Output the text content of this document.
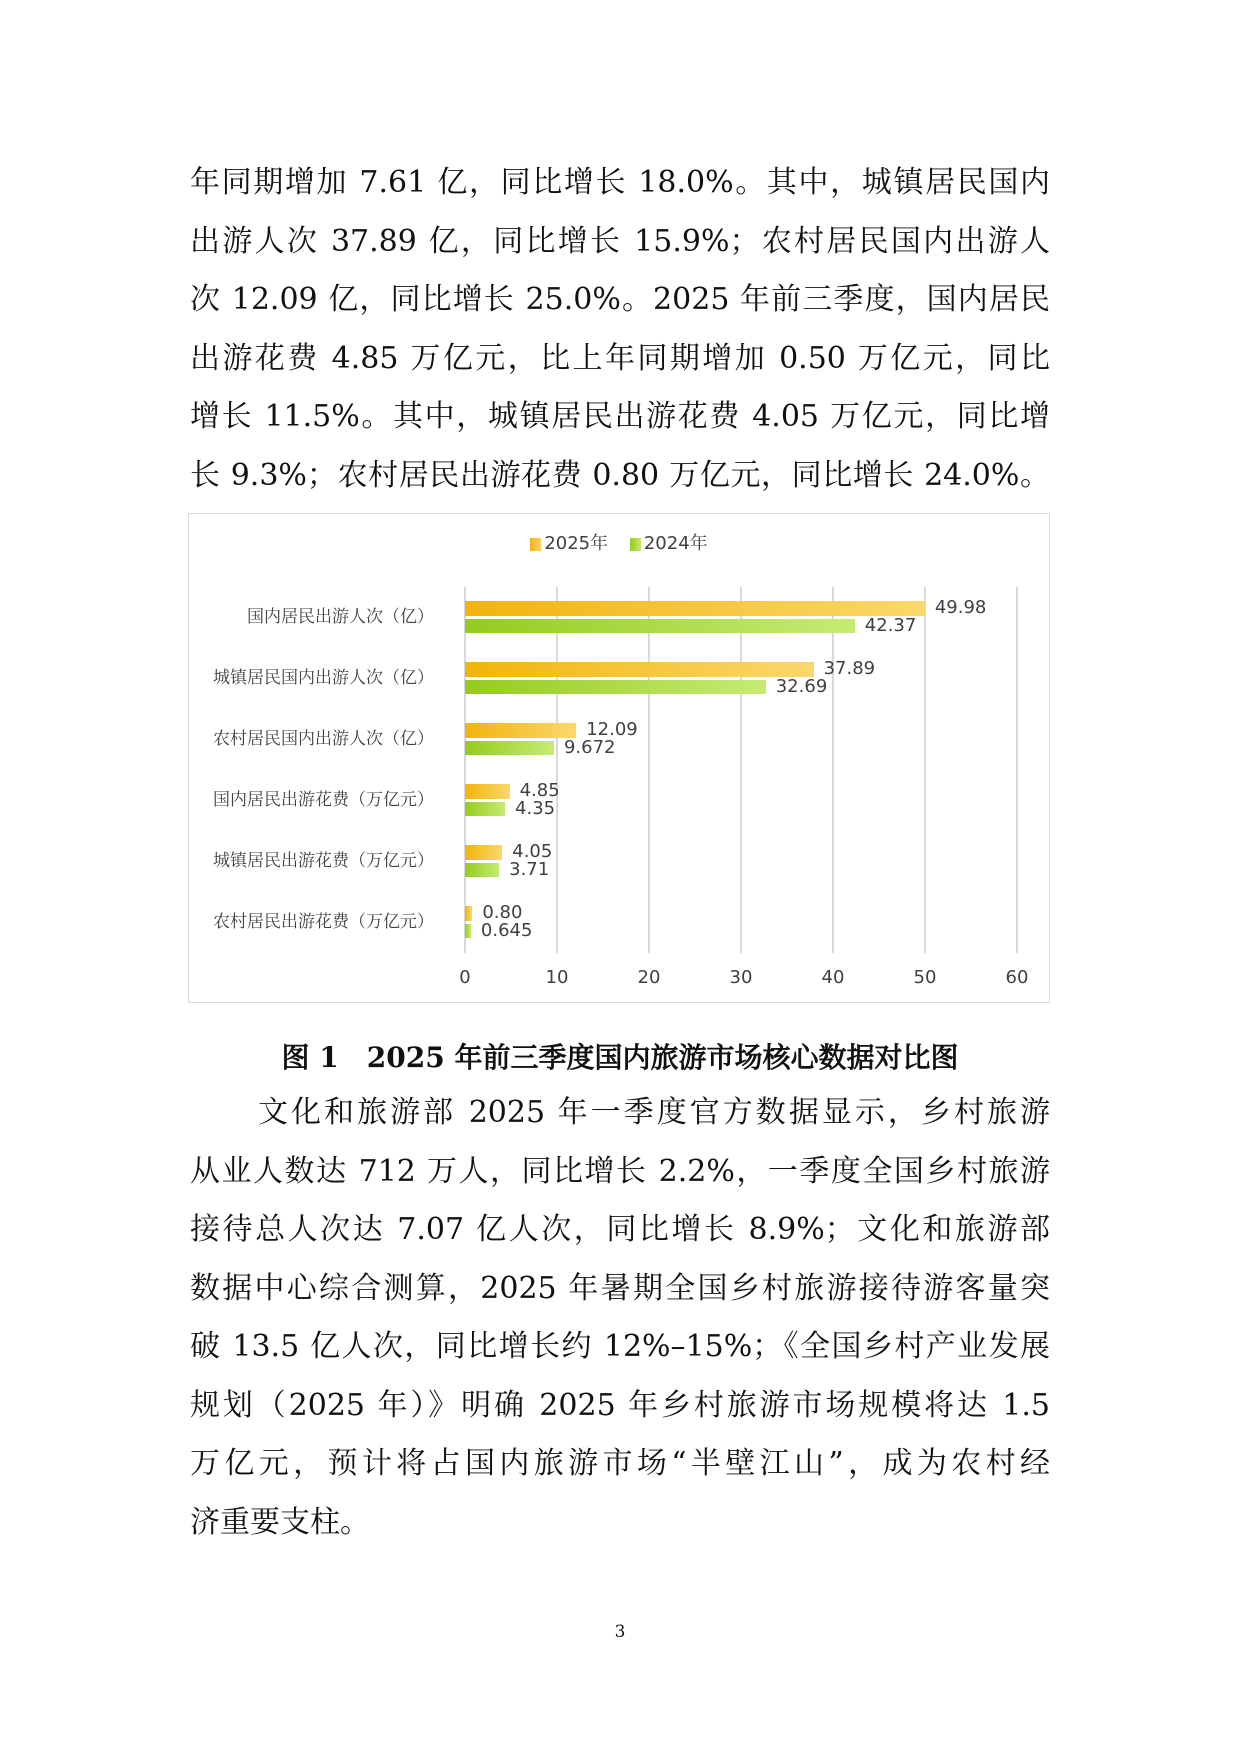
年同期增加 7.61 亿，同比增长 18.0%。其中，城镇居民国内
出游人次 37.89 亿，同比增长 15.9%；农村居民国内出游人
次 12.09 亿，同比增长 25.0%。2025 年前三季度，国内居民
出游花费 4.85 万亿元，比上年同期增加 0.50 万亿元，同比
增长 11.5%。其中，城镇居民出游花费 4.05 万亿元，同比增
长 9.3%；农村居民出游花费 0.80 万亿元，同比增长 24.0%。
2025年
2024年
0	10	20	30	40	50	60
国内居民出游人次（亿）	49.98
42.37
城镇居民国内出游人次（亿）	37.89
32.69
农村居民国内出游人次（亿）	12.09
9.672
国内居民出游花费（万亿元）	4.85
4.35
城镇居民出游花费（万亿元）	4.05
3.71
农村居民出游花费（万亿元）	0.80
0.645
图 1　2025 年前三季度国内旅游市场核心数据对比图
文化和旅游部 2025 年一季度官方数据显示，乡村旅游
从业人数达 712 万人，同比增长 2.2%，一季度全国乡村旅游
接待总人次达 7.07 亿人次，同比增长 8.9%；文化和旅游部
数据中心综合测算，2025 年暑期全国乡村旅游接待游客量突
破 13.5 亿人次，同比增长约 12%–15%；《全国乡村产业发展
规划（2025 年）》明确 2025 年乡村旅游市场规模将达 1.5
万亿元，预计将占国内旅游市场“半壁江山”，成为农村经
济重要支柱。
3
